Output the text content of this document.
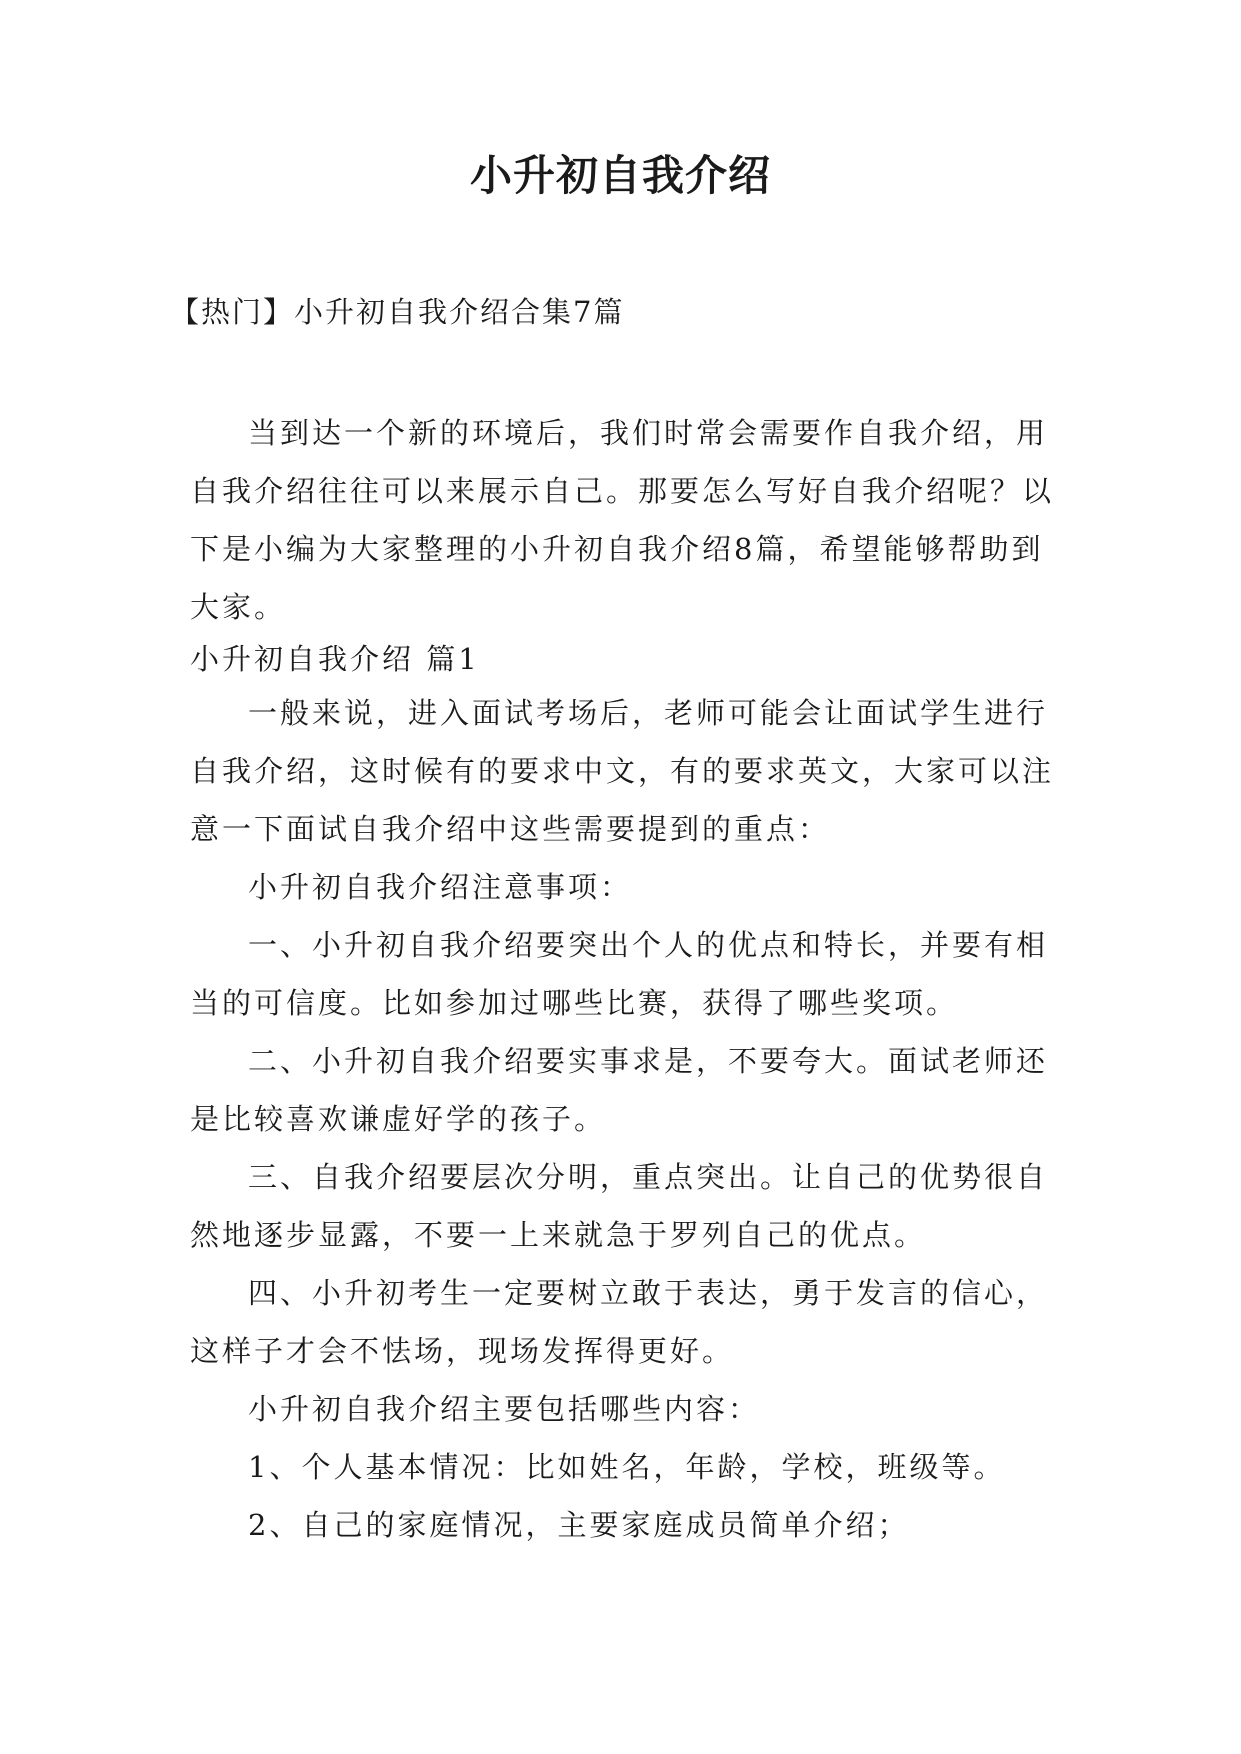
小升初自我介绍
【热门】小升初自我介绍合集7篇

当到达一个新的环境后，我们时常会需要作自我介绍，用自我介绍往往可以来展示自己。那要怎么写好自我介绍呢？以下是小编为大家整理的小升初自我介绍8篇，希望能够帮助到大家。

小升初自我介绍 篇1

一般来说，进入面试考场后，老师可能会让面试学生进行自我介绍，这时候有的要求中文，有的要求英文，大家可以注意一下面试自我介绍中这些需要提到的重点：

小升初自我介绍注意事项：

一、小升初自我介绍要突出个人的优点和特长，并要有相当的可信度。比如参加过哪些比赛，获得了哪些奖项。

二、小升初自我介绍要实事求是，不要夸大。面试老师还是比较喜欢谦虚好学的孩子。

三、自我介绍要层次分明，重点突出。让自己的优势很自然地逐步显露，不要一上来就急于罗列自己的优点。

四、小升初考生一定要树立敢于表达，勇于发言的信心，这样子才会不怯场，现场发挥得更好。

小升初自我介绍主要包括哪些内容：

1、个人基本情况：比如姓名，年龄，学校，班级等。

2、自己的家庭情况，主要家庭成员简单介绍；
